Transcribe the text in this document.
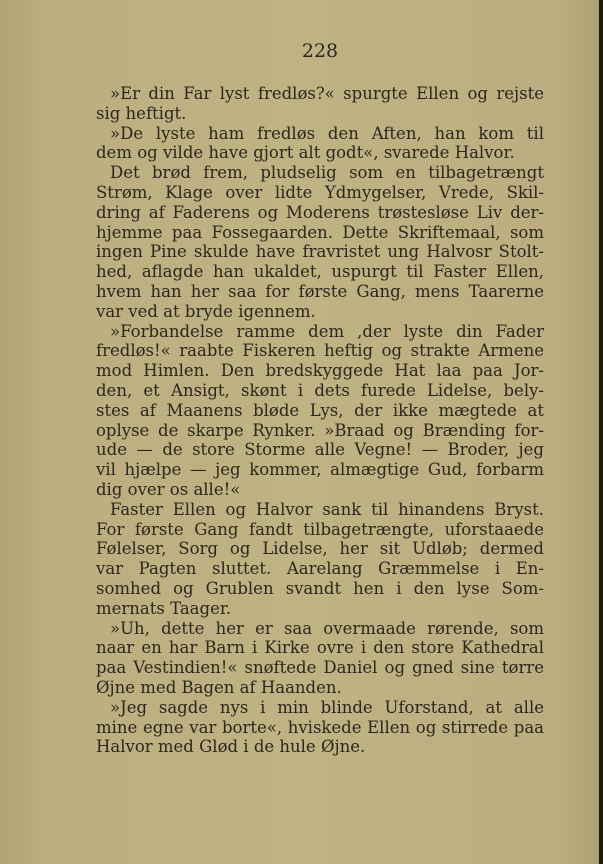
228
»Er din Far lyst fredløs?« spurgte Ellen og rejste
sig heftigt.
»De lyste ham fredløs den Aften, han kom til
dem og vilde have gjort alt godt«, svarede Halvor.
Det brød frem, pludselig som en tilbagetrængt
Strøm, Klage over lidte Ydmygelser, Vrede, Skil-
dring af Faderens og Moderens trøstesløse Liv der-
hjemme paa Fossegaarden. Dette Skriftemaal, som
ingen Pine skulde have fravristet ung Halvosr Stolt-
hed, aflagde han ukaldet, uspurgt til Faster Ellen,
hvem han her saa for første Gang, mens Taarerne
var ved at bryde igennem.
»Forbandelse ramme dem ,der lyste din Fader
fredløs!« raabte Fiskeren heftig og strakte Armene
mod Himlen. Den bredskyggede Hat laa paa Jor-
den, et Ansigt, skønt i dets furede Lidelse, bely-
stes af Maanens bløde Lys, der ikke mægtede at
oplyse de skarpe Rynker. »Braad og Brænding for-
ude — de store Storme alle Vegne! — Broder, jeg
vil hjælpe — jeg kommer, almægtige Gud, forbarm
dig over os alle!«
Faster Ellen og Halvor sank til hinandens Bryst.
For første Gang fandt tilbagetrængte, uforstaaede
Følelser, Sorg og Lidelse, her sit Udløb; dermed
var Pagten sluttet. Aarelang Græmmelse i En-
somhed og Grublen svandt hen i den lyse Som-
mernats Taager.
»Uh, dette her er saa overmaade rørende, som
naar en har Barn i Kirke ovre i den store Kathedral
paa Vestindien!« snøftede Daniel og gned sine tørre
Øjne med Bagen af Haanden.
»Jeg sagde nys i min blinde Uforstand, at alle
mine egne var borte«, hviskede Ellen og stirrede paa
Halvor med Glød i de hule Øjne.
